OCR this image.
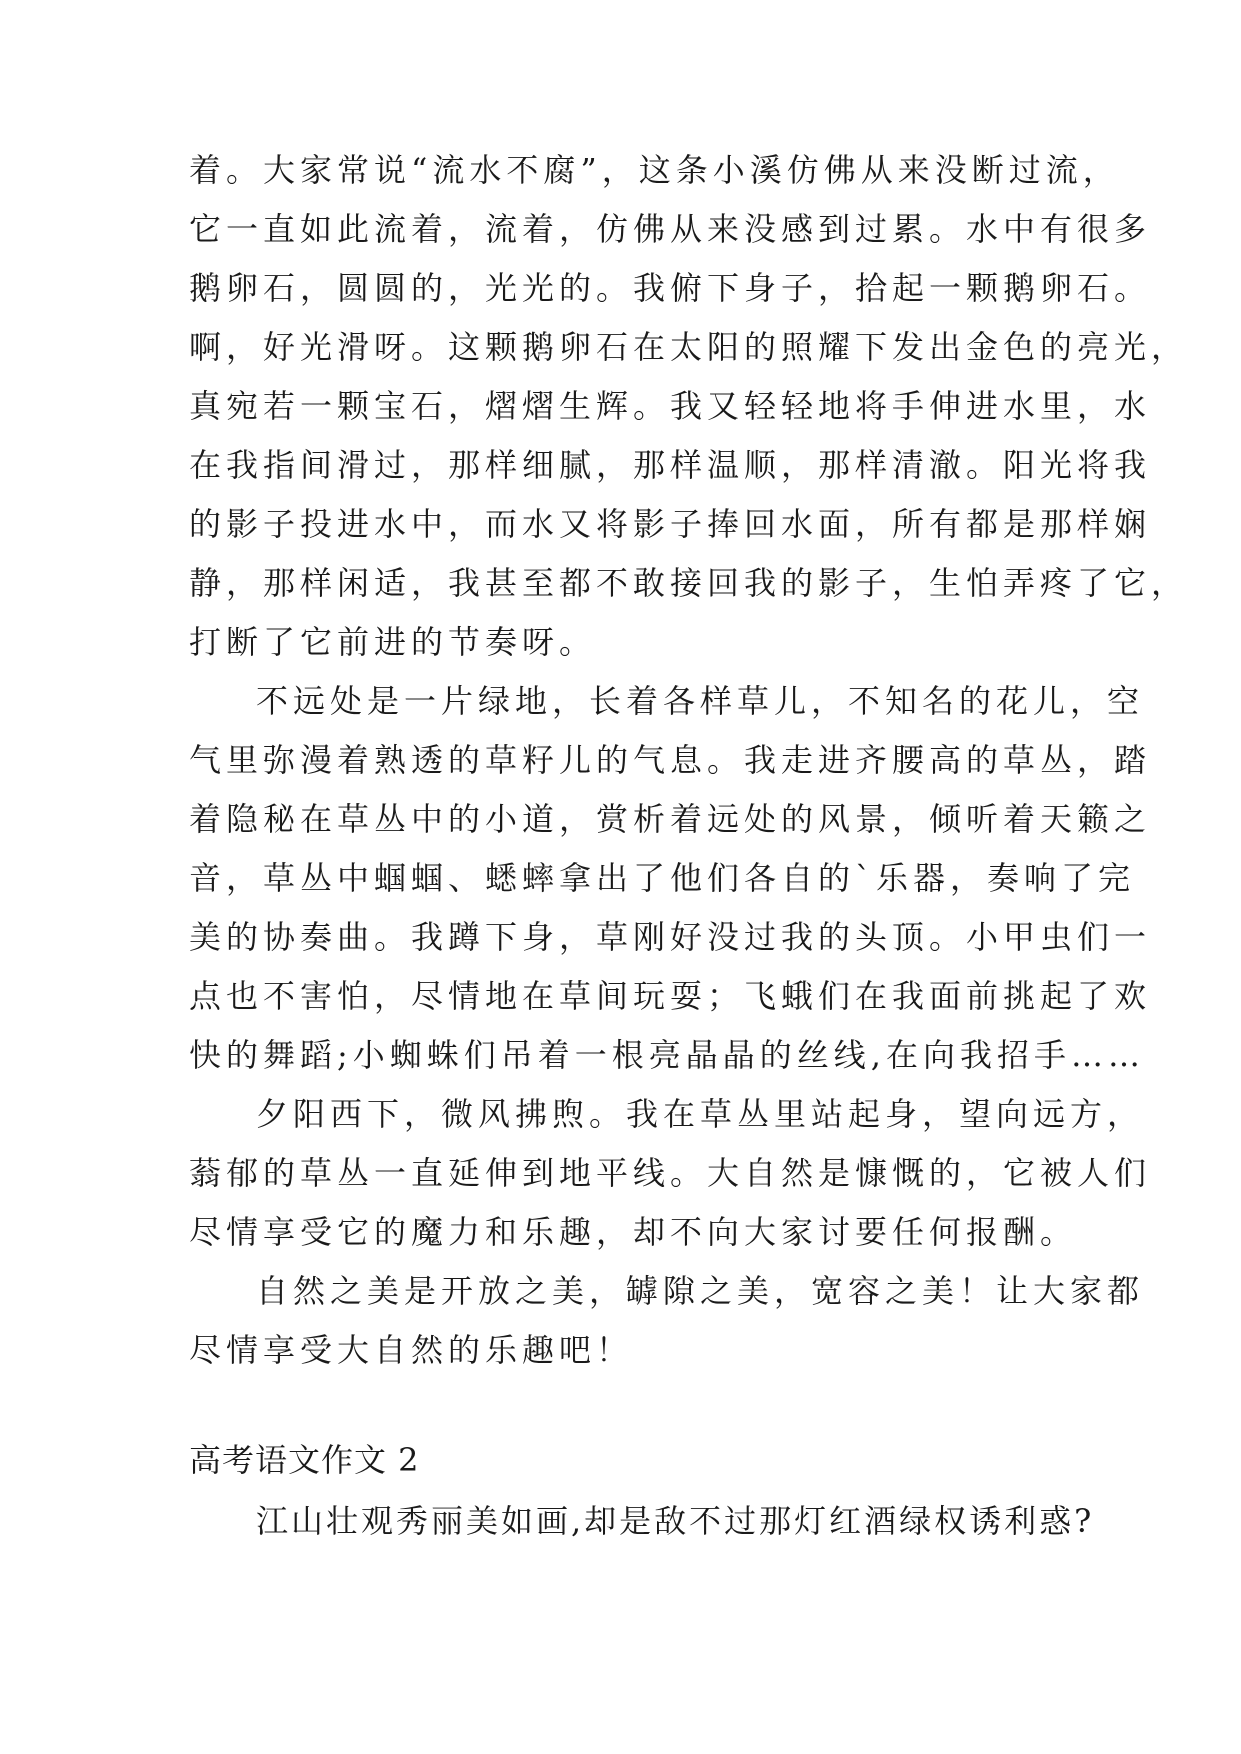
着。大家常说“流水不腐”，这条小溪仿佛从来没断过流，
它一直如此流着，流着，仿佛从来没感到过累。水中有很多
鹅卵石，圆圆的，光光的。我俯下身子，拾起一颗鹅卵石。
啊，好光滑呀。这颗鹅卵石在太阳的照耀下发出金色的亮光，
真宛若一颗宝石，熠熠生辉。我又轻轻地将手伸进水里，水
在我指间滑过，那样细腻，那样温顺，那样清澈。阳光将我
的影子投进水中，而水又将影子捧回水面，所有都是那样娴
静，那样闲适，我甚至都不敢接回我的影子，生怕弄疼了它，
打断了它前进的节奏呀。
不远处是一片绿地，长着各样草儿，不知名的花儿，空
气里弥漫着熟透的草籽儿的气息。我走进齐腰高的草丛，踏
着隐秘在草丛中的小道，赏析着远处的风景，倾听着天籁之
音，草丛中蝈蝈、蟋蟀拿出了他们各自的`乐器，奏响了完
美的协奏曲。我蹲下身，草刚好没过我的头顶。小甲虫们一
点也不害怕，尽情地在草间玩耍；飞蛾们在我面前挑起了欢
快的舞蹈;小蜘蛛们吊着一根亮晶晶的丝线,在向我招手……
夕阳西下，微风拂煦。我在草丛里站起身，望向远方，
蓊郁的草丛一直延伸到地平线。大自然是慷慨的，它被人们
尽情享受它的魔力和乐趣，却不向大家讨要任何报酬。
自然之美是开放之美，罅隙之美，宽容之美！让大家都
尽情享受大自然的乐趣吧！
高考语文作文 2
江山壮观秀丽美如画,却是敌不过那灯红酒绿权诱利惑?
